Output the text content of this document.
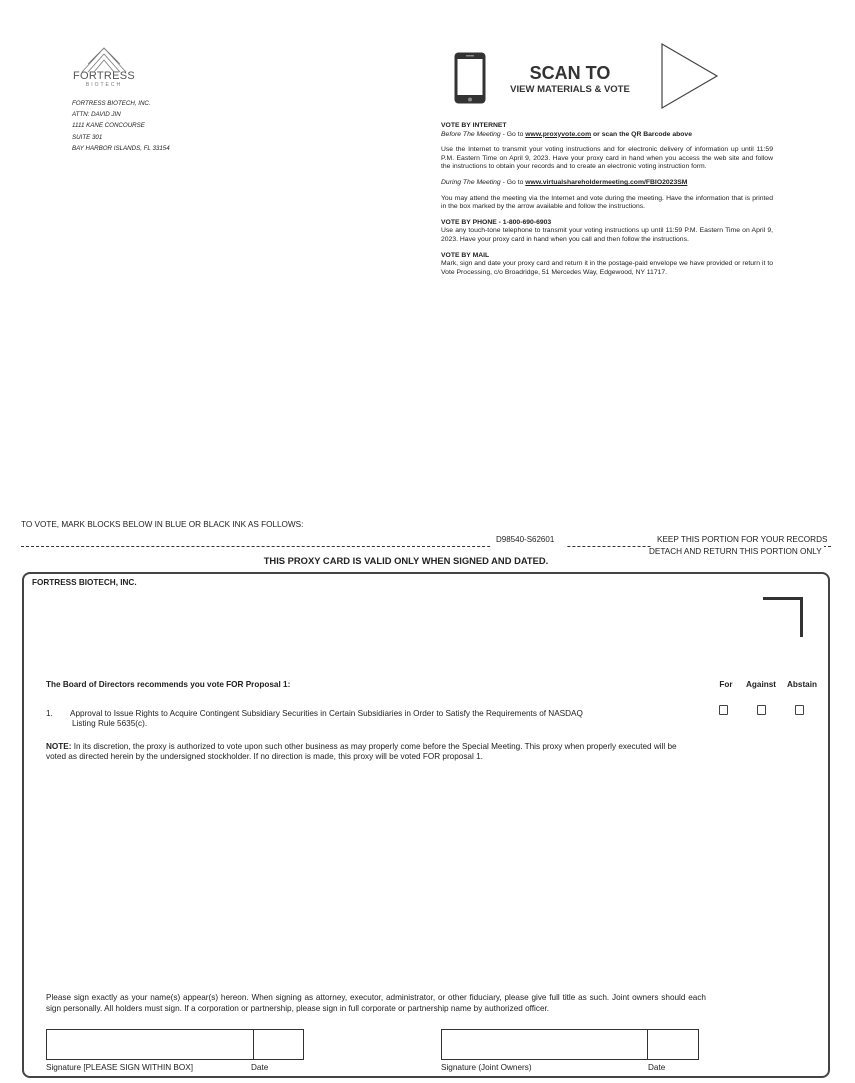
FORTRESS
BIOTECH
FORTRESS BIOTECH, INC.
ATTN: DAVID JIN
1111 KANE CONCOURSE
SUITE 301
BAY HARBOR ISLANDS, FL 33154
SCAN TO
VIEW MATERIALS & VOTE
VOTE BY INTERNET
Before The Meeting - Go to www.proxyvote.com or scan the QR Barcode above
Use the Internet to transmit your voting instructions and for electronic delivery of information up until 11:59 P.M. Eastern Time on April 9, 2023. Have your proxy card in hand when you access the web site and follow the instructions to obtain your records and to create an electronic voting instruction form.
During The Meeting - Go to www.virtualshareholdermeeting.com/FBIO2023SM
You may attend the meeting via the Internet and vote during the meeting. Have the information that is printed in the box marked by the arrow available and follow the instructions.
VOTE BY PHONE - 1-800-690-6903
Use any touch-tone telephone to transmit your voting instructions up until 11:59 P.M. Eastern Time on April 9, 2023. Have your proxy card in hand when you call and then follow the instructions.
VOTE BY MAIL
Mark, sign and date your proxy card and return it in the postage-paid envelope we have provided or return it to Vote Processing, c/o Broadridge, 51 Mercedes Way, Edgewood, NY 11717.
TO VOTE, MARK BLOCKS BELOW IN BLUE OR BLACK INK AS FOLLOWS:
D98540-S62601	KEEP THIS PORTION FOR YOUR RECORDS
DETACH AND RETURN THIS PORTION ONLY
THIS PROXY CARD IS VALID ONLY WHEN SIGNED AND DATED.
FORTRESS BIOTECH, INC.
The Board of Directors recommends you vote FOR Proposal 1:	For	Against	Abstain
1. Approval to Issue Rights to Acquire Contingent Subsidiary Securities in Certain Subsidiaries in Order to Satisfy the Requirements of NASDAQ
Listing Rule 5635(c).
NOTE: In its discretion, the proxy is authorized to vote upon such other business as may properly come before the Special Meeting. This proxy when properly executed will be voted as directed herein by the undersigned stockholder. If no direction is made, this proxy will be voted FOR proposal 1.
Please sign exactly as your name(s) appear(s) hereon. When signing as attorney, executor, administrator, or other fiduciary, please give full title as such. Joint owners should each sign personally. All holders must sign. If a corporation or partnership, please sign in full corporate or partnership name by authorized officer.
Signature [PLEASE SIGN WITHIN BOX]	Date	Signature (Joint Owners)	Date
